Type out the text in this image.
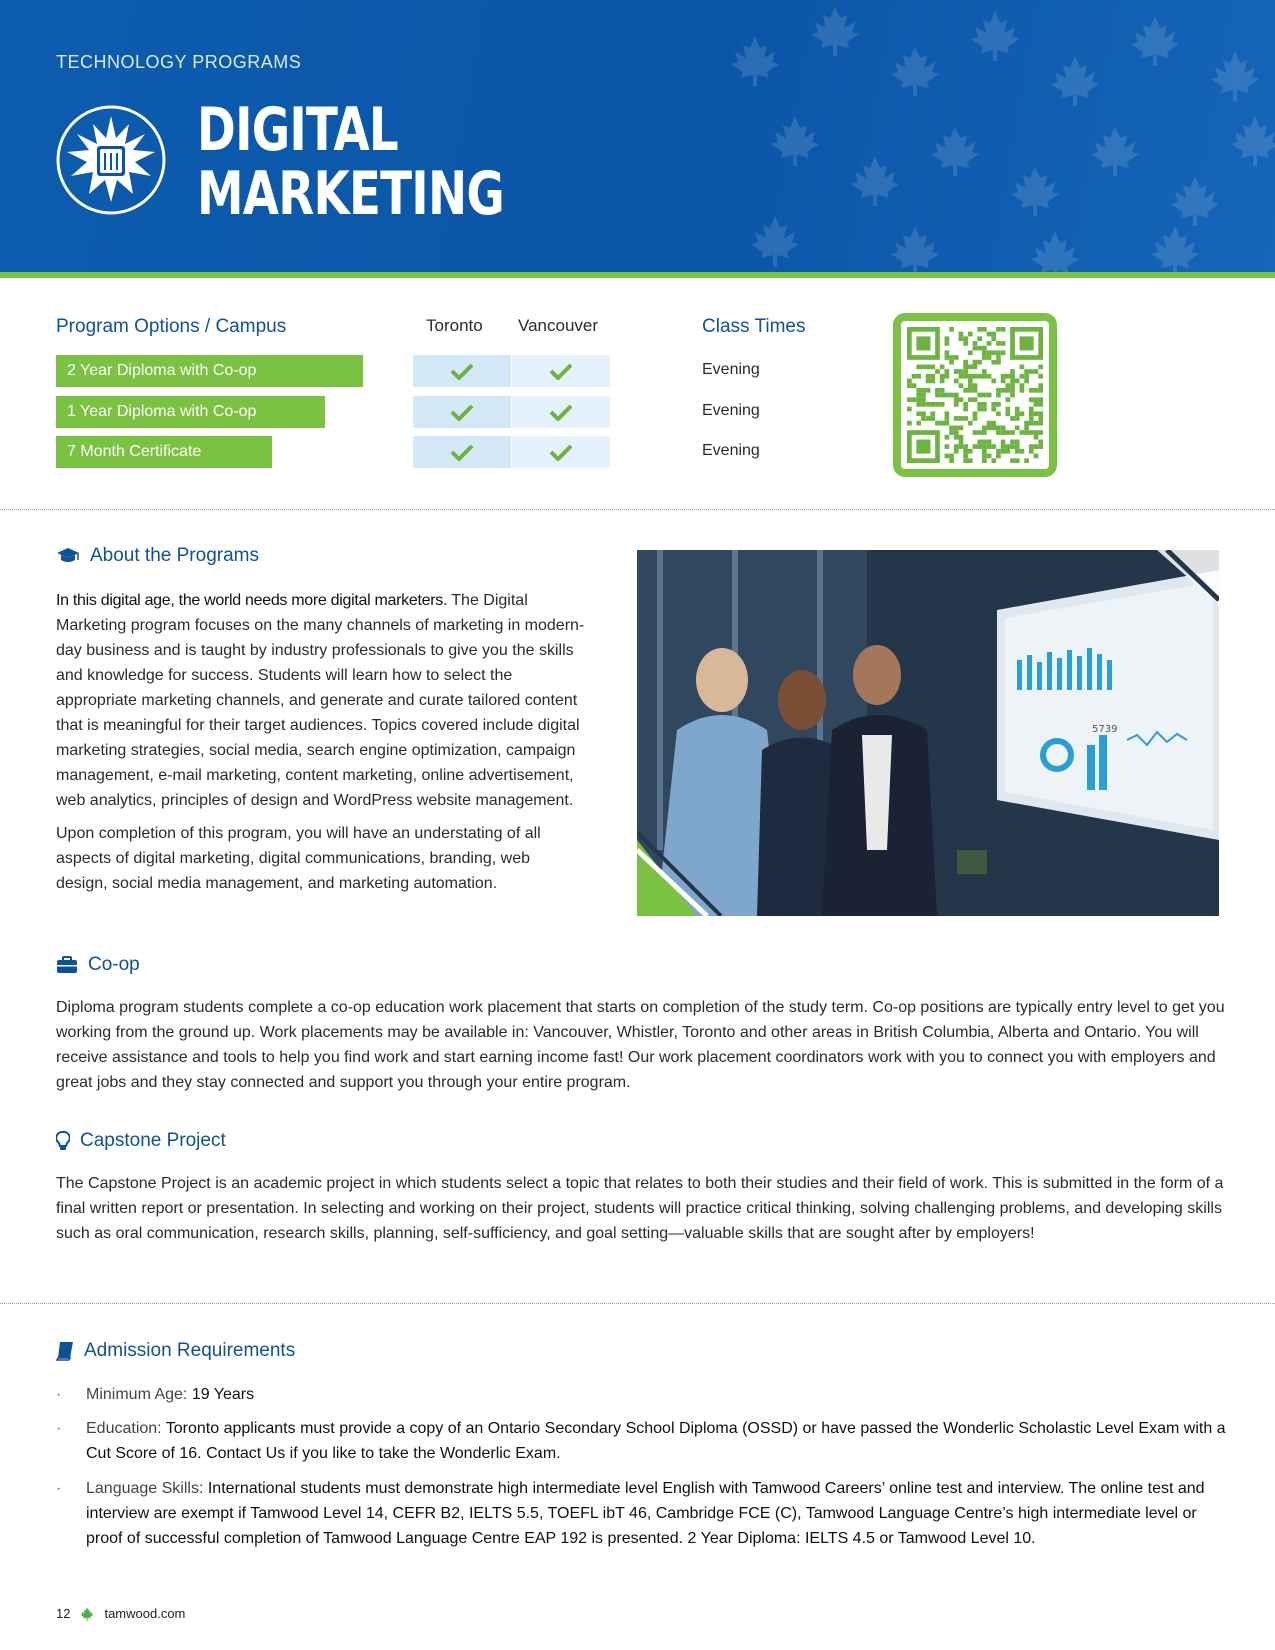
TECHNOLOGY PROGRAMS
DIGITAL
MARKETING
Program Options / Campus	Toronto Vancouver
2 Year Diploma with Co-op
1 Year Diploma with Co-op
7 Month Certificate
Class Times
Evening
Evening
Evening
About the Programs

In this digital age, the world needs more digital marketers. The Digital Marketing program focuses on the many channels of marketing in modern-day business and is taught by industry professionals to give you the skills and knowledge for success. Students will learn how to select the appropriate marketing channels, and generate and curate tailored content that is meaningful for their target audiences. Topics covered include digital marketing strategies, social media, search engine optimization, campaign management, e-mail marketing, content marketing, online advertisement, web analytics, principles of design and WordPress website management.

Upon completion of this program, you will have an understating of all aspects of digital marketing, digital communications, branding, web design, social media management, and marketing automation.

5739
Co-op
Diploma program students complete a co-op education work placement that starts on completion of the study term. Co-op positions are typically entry level to get you working from the ground up. Work placements may be available in: Vancouver, Whistler, Toronto and other areas in British Columbia, Alberta and Ontario. You will receive assistance and tools to help you find work and start earning income fast! Our work placement coordinators work with you to connect you with employers and great jobs and they stay connected and support you through your entire program.
Capstone Project
The Capstone Project is an academic project in which students select a topic that relates to both their studies and their field of work. This is submitted in the form of a final written report or presentation. In selecting and working on their project, students will practice critical thinking, solving challenging problems, and developing skills such as oral communication, research skills, planning, self-sufficiency, and goal setting—valuable skills that are sought after by employers!
Admission Requirements
· Minimum Age: 19 Years
· Education: Toronto applicants must provide a copy of an Ontario Secondary School Diploma (OSSD) or have passed the Wonderlic Scholastic Level Exam with a Cut Score of 16. Contact Us if you like to take the Wonderlic Exam.
· Language Skills: International students must demonstrate high intermediate level English with Tamwood Careers’ online test and interview. The online test and interview are exempt if Tamwood Level 14, CEFR B2, IELTS 5.5, TOEFL ibT 46, Cambridge FCE (C), Tamwood Language Centre’s high intermediate level or proof of successful completion of Tamwood Language Centre EAP 192 is presented. 2 Year Diploma: IELTS 4.5 or Tamwood Level 10.
12	tamwood.com
